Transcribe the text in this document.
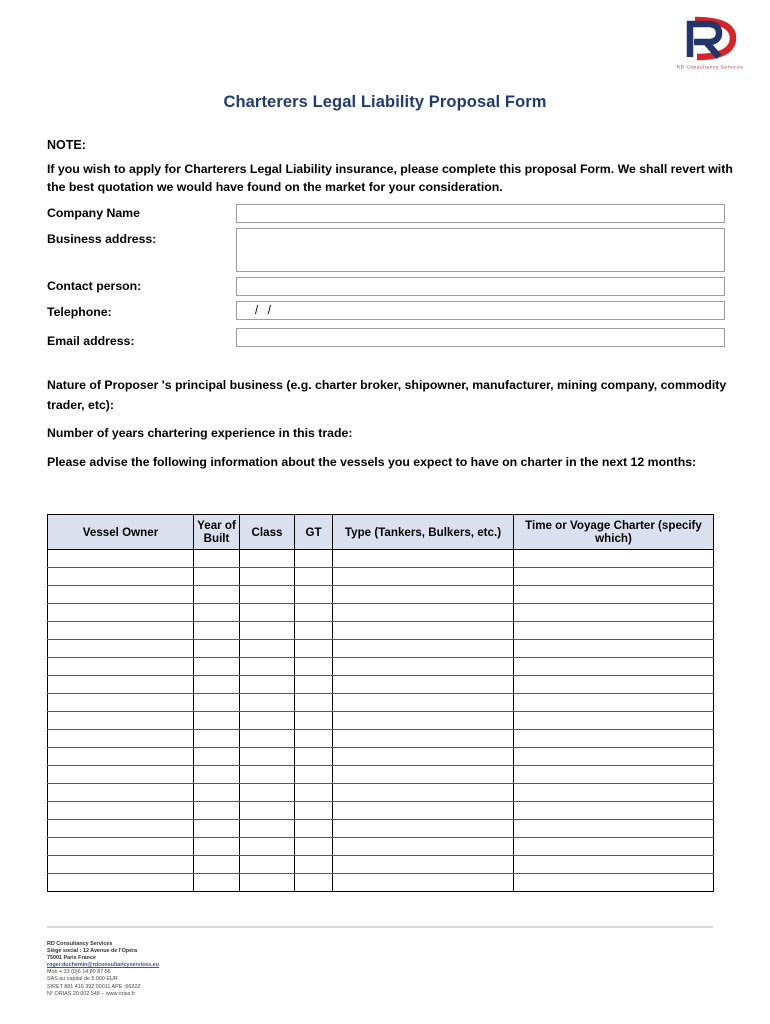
RD Consultancy Services
Charterers Legal Liability Proposal Form
NOTE:
If you wish to apply for Charterers Legal Liability insurance, please complete this proposal Form. We shall revert with the best quotation we would have found on the market for your consideration.
Company Name
Business address:
Contact person:
Telephone:
/ /
Email address:
Nature of Proposer 's principal business (e.g. charter broker, shipowner, manufacturer, mining company, commodity trader, etc):
Number of years chartering experience in this trade:
Please advise the following information about the vessels you expect to have on charter in the next 12 months:
Vessel Owner	Year of Built	Class	GT	Type (Tankers, Bulkers, etc.)	Time or Voyage Charter (specify which)

RD Consultancy Services
Siège social : 12 Avenue de l'Opéra
75001 Paris France
roger.duchemin@rdconsultancyservices.eu
Mob + 33 (0)6 14 89 87 56
SAS au capital de 5.000 EUR
SIRET 881 416 392 00011 APE :6622Z
N° ORIAS 20 002 548 – www.orias.fr
